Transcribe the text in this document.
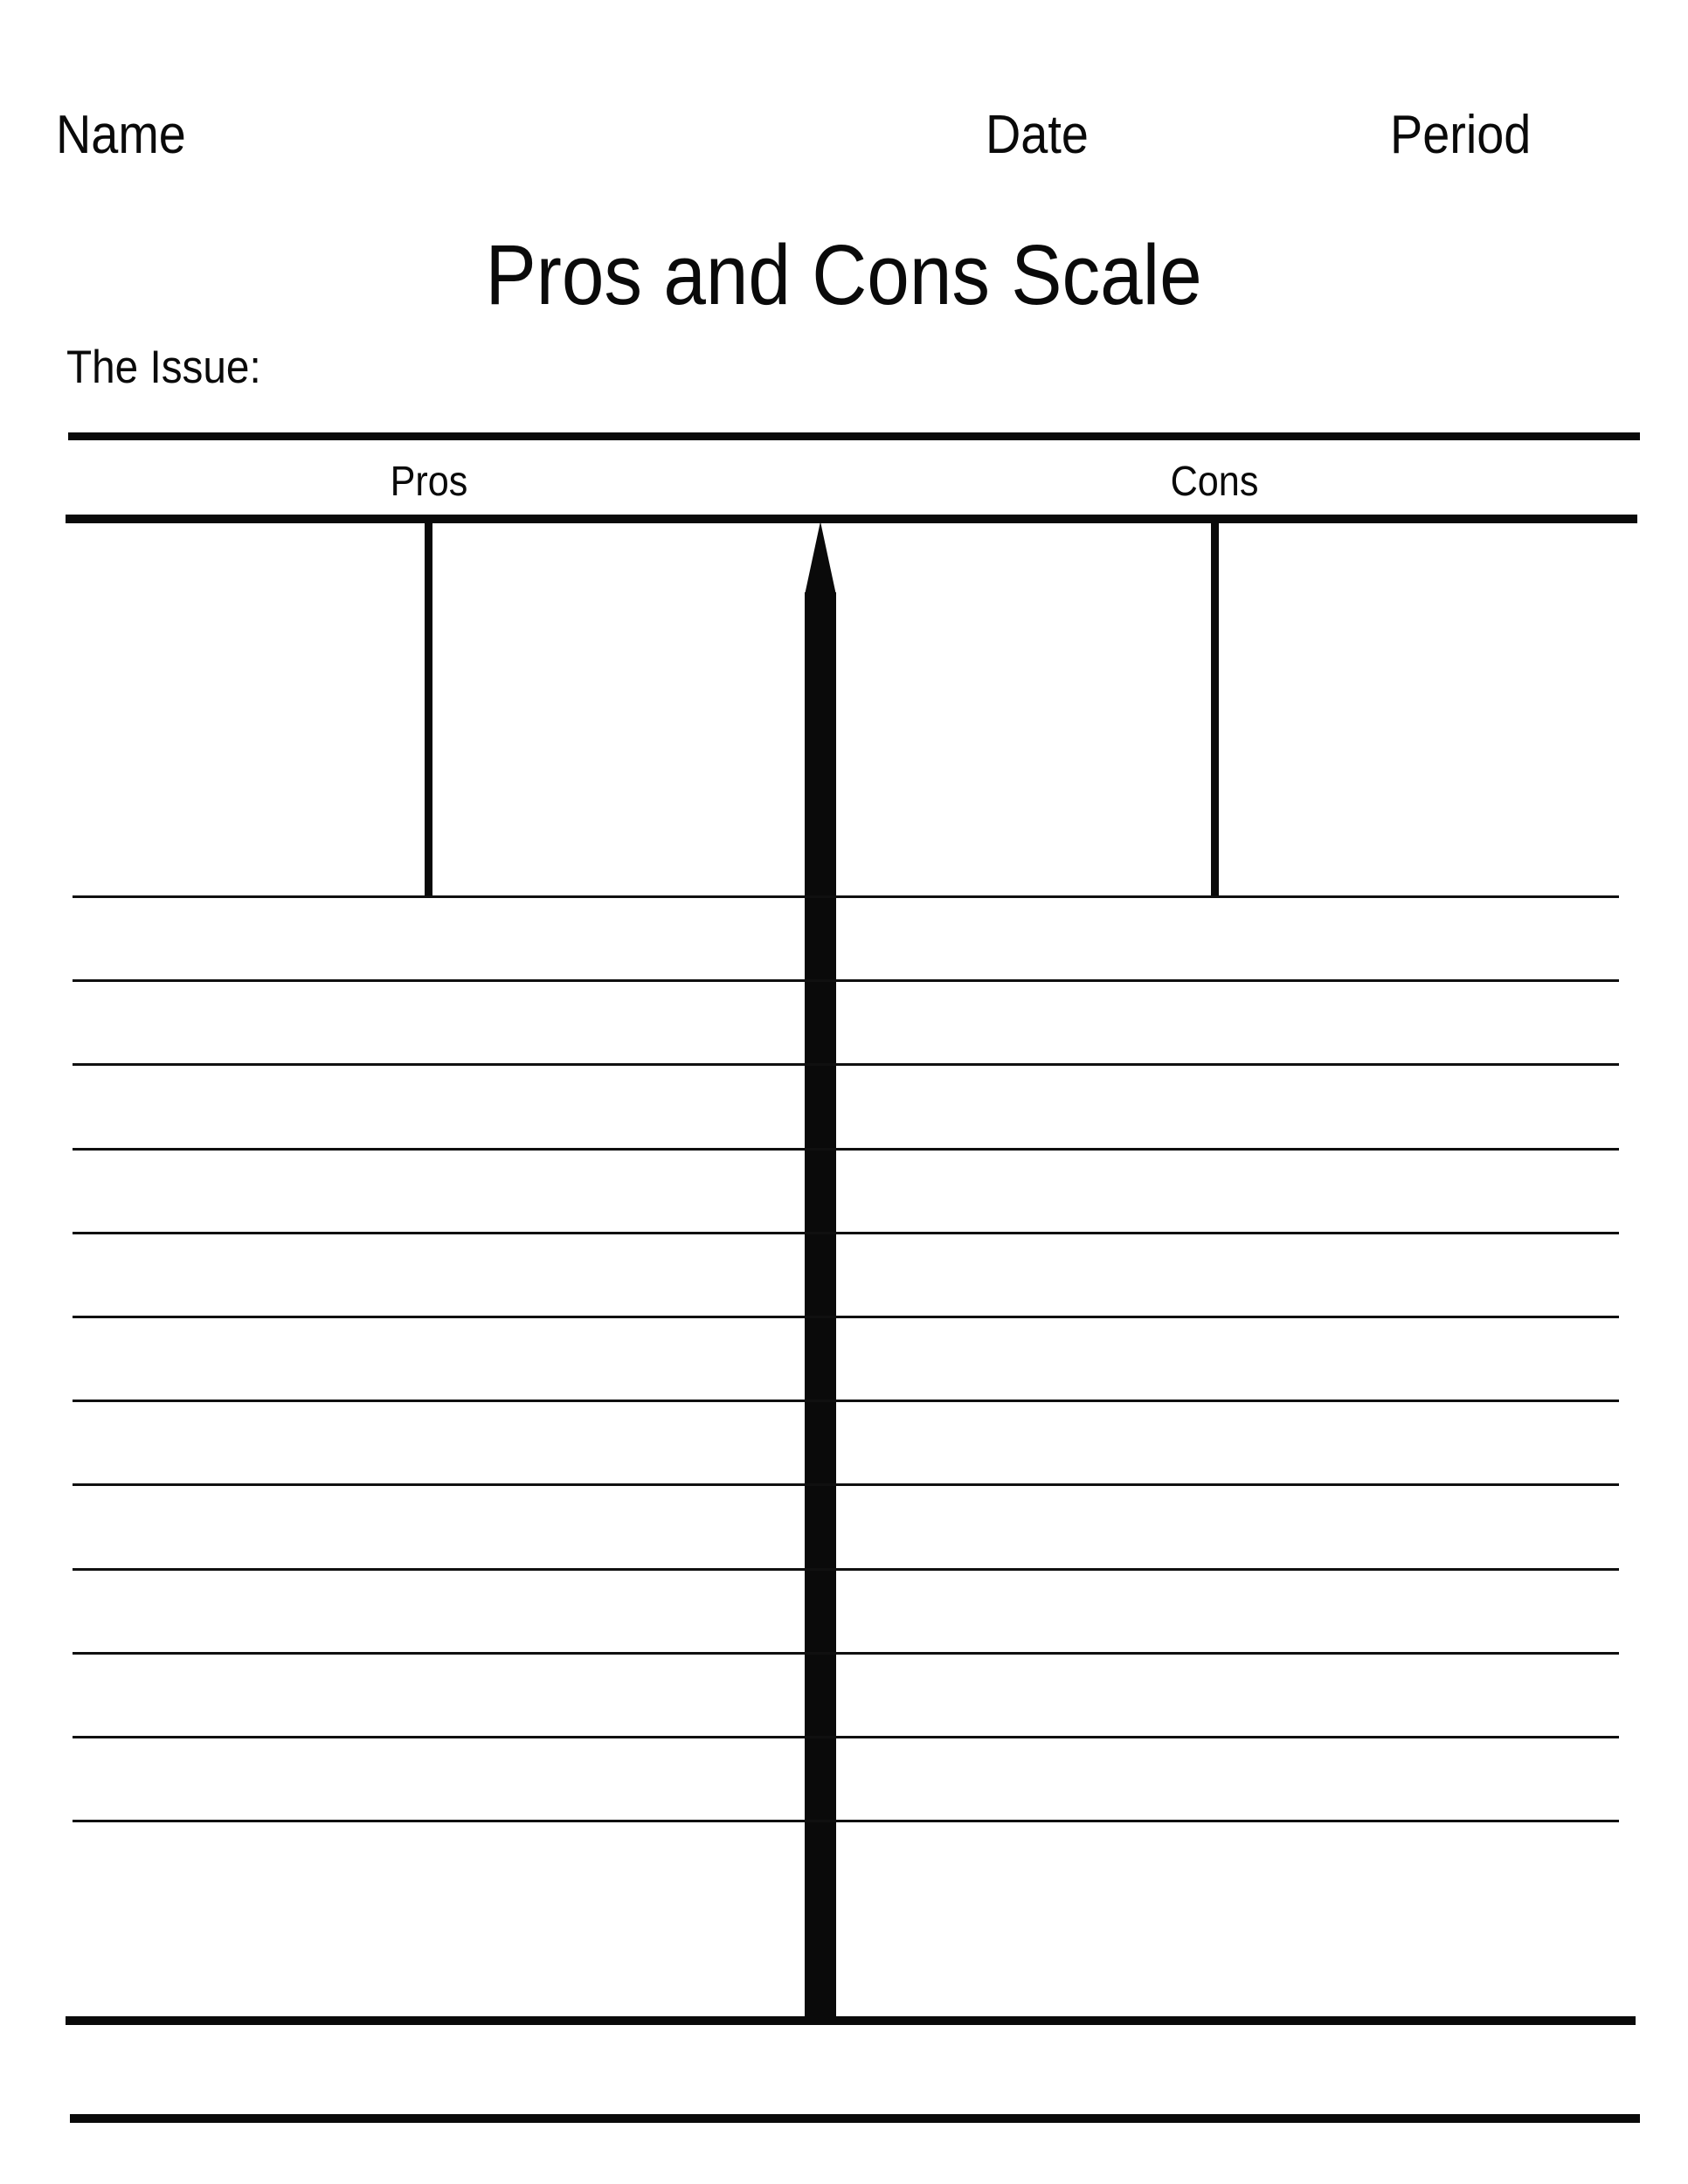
Name	Date	Period
Pros and Cons Scale
The Issue:
Pros	Cons
